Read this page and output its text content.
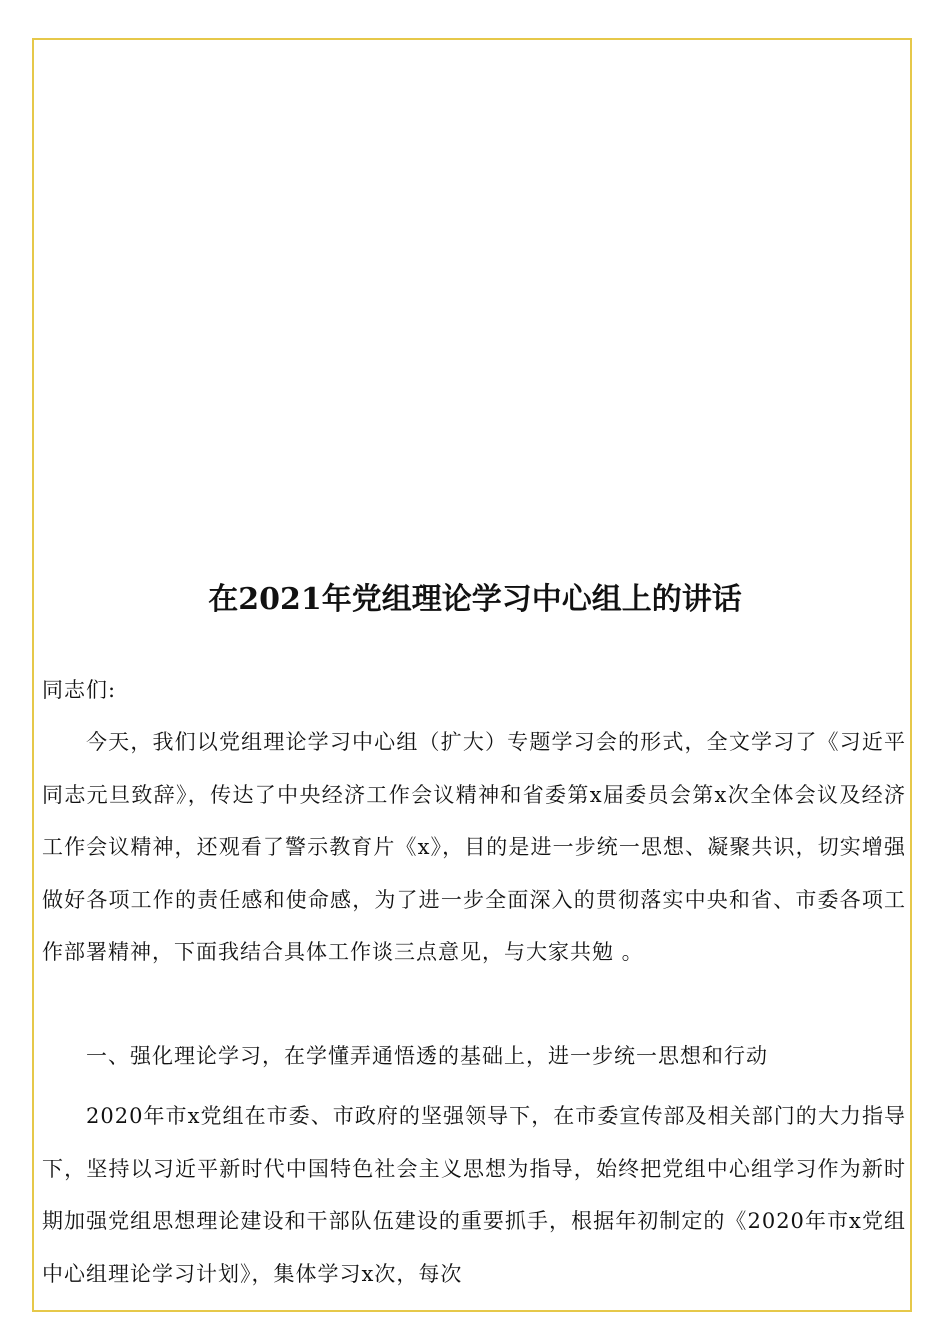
在2021年党组理论学习中心组上的讲话

同志们:

今天，我们以党组理论学习中心组（扩大）专题学习会的形式，全文学习了《习近平同志元旦致辞》，传达了中央经济工作会议精神和省委第x届委员会第x次全体会议及经济工作会议精神，还观看了警示教育片《x》，目的是进一步统一思想、凝聚共识，切实增强做好各项工作的责任感和使命感，为了进一步全面深入的贯彻落实中央和省、市委各项工作部署精神，下面我结合具体工作谈三点意见，与大家共勉 。

一、强化理论学习，在学懂弄通悟透的基础上，进一步统一思想和行动

2020年市x党组在市委、市政府的坚强领导下，在市委宣传部及相关部门的大力指导下，坚持以习近平新时代中国特色社会主义思想为指导，始终把党组中心组学习作为新时期加强党组思想理论建设和干部队伍建设的重要抓手，根据年初制定的《2020年市x党组中心组理论学习计划》，集体学习x次，每次
